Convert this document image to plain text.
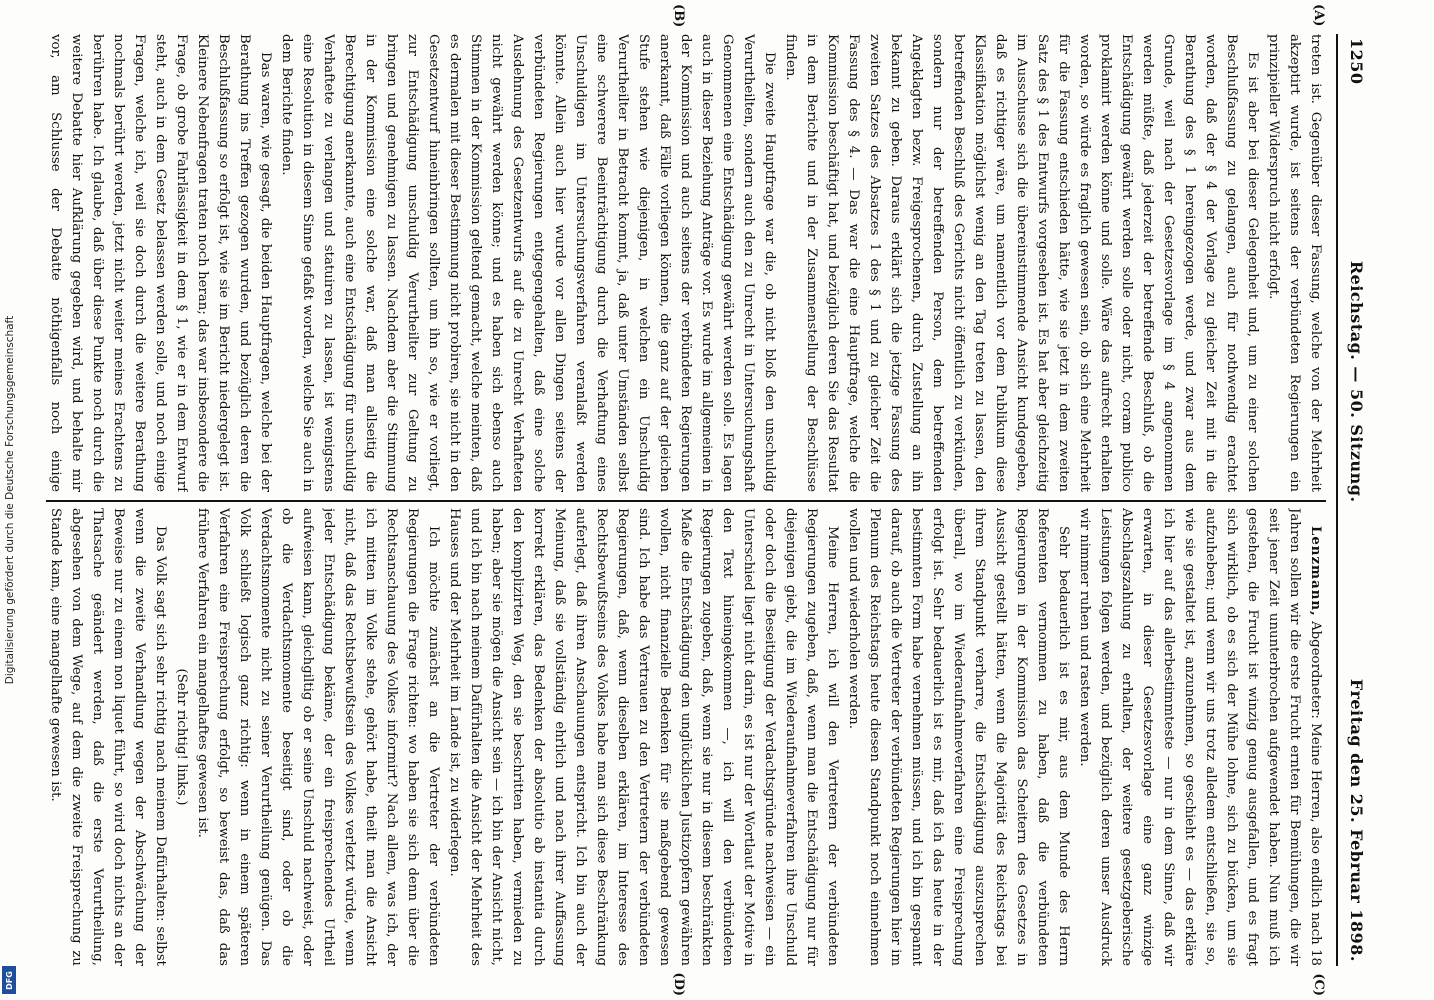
Digitalisierung gefördert durch die Deutsche Forschungsgemeinschaft
DFG
1250
Reichstag. — 50. Sitzung.
Freitag den 25. Februar 1898.

treten ist. Gegenüber dieser Fassung, welche von der Mehrheit akzeptirt wurde, ist seitens der verbündeten Regierungen ein prinzipieller Widerspruch nicht erfolgt.

Es ist aber bei dieser Gelegenheit und, um zu einer solchen Beschlußfassung zu gelangen, auch für nothwendig erachtet worden, daß der § 4 der Vorlage zu gleicher Zeit mit in die Berathung des § 1 hereingezogen werde, und zwar aus dem Grunde, weil nach der Gesetzesvorlage im § 4 angenommen werden müßte, daß jederzeit der betreffende Beschluß, ob die Entschädigung gewährt werden solle oder nicht, coram publico proklamirt werden könne und solle. Wäre das aufrecht erhalten worden, so würde es fraglich gewesen sein, ob sich eine Mehrheit für die Fassung entschieden hätte, wie sie jetzt in dem zweiten Satz des § 1 des Entwurfs vorgesehen ist. Es hat aber gleichzeitig im Ausschusse sich die übereinstimmende Ansicht kundgegeben, daß es richtiger wäre, um namentlich vor dem Publikum diese Klassifikation möglichst wenig an den Tag treten zu lassen, den betreffenden Beschluß des Gerichts nicht öffentlich zu verkünden, sondern nur der betreffenden Person, dem betreffenden Angeklagten bezw. Freigesprochenen, durch Zustellung an ihn bekannt zu geben. Daraus erklärt sich die jetzige Fassung des zweiten Satzes des Absatzes 1 des § 1 und zu gleicher Zeit die Fassung des § 4. — Das war die eine Hauptfrage, welche die Kommission beschäftigt hat, und bezüglich deren Sie das Resultat in dem Berichte und in der Zusammenstellung der Beschlüsse finden.

Die zweite Hauptfrage war die, ob nicht bloß den unschuldig Verurtheilten, sondern auch den zu Unrecht in Untersuchungshaft Genommenen eine Entschädigung gewährt werden solle. Es lagen auch in dieser Beziehung Anträge vor. Es wurde im allgemeinen in der Kommission und auch seitens der verbündeten Regierungen anerkannt, daß Fälle vorliegen können, die ganz auf der gleichen Stufe stehen wie diejenigen, in welchen ein Unschuldig Verurtheilter in Betracht kommt, ja, daß unter Umständen selbst eine schwerere Beeinträchtigung durch die Verhaftung eines Unschuldigen im Untersuchungsverfahren veranlaßt werden könnte. Allein auch hier wurde vor allen Dingen seitens der verbündeten Regierungen entgegengehalten, daß eine solche Ausdehnung des Gesetzentwurfs auf die zu Unrecht Verhafteten nicht gewährt werden könne; und es haben sich ebenso auch Stimmen in der Kommission geltend gemacht, welche meinten, daß es dermalen mit dieser Bestimmung nicht probiren, sie nicht in den Gesetzentwurf hineinbringen sollten, um ihn so, wie er vorliegt, zur Entschädigung unschuldig Verurtheilter zur Geltung zu bringen und genehmigen zu lassen. Nachdem aber die Stimmung in der Kommission eine solche war, daß man allseitig die Berechtigung anerkannte, auch eine Entschädigung für unschuldig Verhaftete zu verlangen und statuiren zu lassen, ist wenigstens eine Resolution in diesem Sinne gefaßt worden, welche Sie auch in dem Berichte finden.

Das waren, wie gesagt, die beiden Hauptfragen, welche bei der Berathung ins Treffen gezogen wurden, und bezüglich deren die Beschlußfassung so erfolgt ist, wie sie im Bericht niedergelegt ist. Kleinere Nebenfragen traten noch heran; das war insbesondere die Frage, ob grobe Fahrlässigkeit in dem § 1, wie er in dem Entwurf steht, auch in dem Gesetz belassen werden solle, und noch einige Fragen, welche ich, weil sie doch durch die weitere Berathung nochmals berührt werden, jetzt nicht weiter meines Erachtens zu berühren habe. Ich glaube, daß über diese Punkte noch durch die weitere Debatte hier Aufklärung gegeben wird, und behalte mir vor, am Schlusse der Debatte nöthigenfalls noch einige

Lenzmann, Abgeordneter: Meine Herren, also endlich nach 18 Jahren sollen wir die erste Frucht ernten für Bemühungen, die wir seit jener Zeit ununterbrochen aufgewendet haben. Nun muß ich gestehen, die Frucht ist winzig genug ausgefallen, und es fragt sich wirklich, ob es sich der Mühe lohne, sich zu bücken, um sie aufzuheben; und wenn wir uns trotz alledem entschließen, sie so, wie sie gestaltet ist, anzunehmen, so geschieht es — das erkläre ich hier auf das allerbestimmteste — nur in dem Sinne, daß wir erwarten, in dieser Gesetzesvorlage eine ganz winzige Abschlagszahlung zu erhalten, der weitere gesetzgeberische Leistungen folgen werden, und bezüglich deren unser Ausdruck wir nimmer ruhen und rasten werden.

Sehr bedauerlich ist es mir, aus dem Munde des Herrn Referenten vernommen zu haben, daß die verbündeten Regierungen in der Kommission das Scheitern des Gesetzes in Aussicht gestellt hätten, wenn die Majorität des Reichstags bei ihrem Standpunkt verharre, die Entschädigung auszusprechen überall, wo im Wiederaufnahmeverfahren eine Freisprechung erfolgt ist. Sehr bedauerlich ist es mir, daß ich das heute in der bestimmten Form habe vernehmen müssen, und ich bin gespannt darauf, ob auch die Vertreter der verbündeten Regierungen hier im Plenum des Reichstags heute diesen Standpunkt noch einnehmen wollen und wiederholen werden.

Meine Herren, ich will den Vertretern der verbündeten Regierungen zugeben, daß, wenn man die Entschädigung nur für diejenigen giebt, die im Wiederaufnahmeverfahren ihre Unschuld oder doch die Beseitigung der Verdachtsgründe nachweisen — ein Unterschied liegt nicht darin, es ist nur der Wortlaut der Motive in den Text hineingekommen —, ich will den verbündeten Regierungen zugeben, daß, wenn sie nur in diesem beschränkten Maße die Entschädigung den unglücklichen Justizopfern gewähren wollen, nicht finanzielle Bedenken für sie maßgebend gewesen sind. Ich habe das Vertrauen zu den Vertretern der verbündeten Regierungen, daß, wenn dieselben erklären, im Interesse des Rechtsbewußtseins des Volkes habe man sich diese Beschränkung auferlegt, daß ihren Anschauungen entspricht. Ich bin auch der Meinung, daß sie vollständig ehrlich und nach ihrer Auffassung korrekt erklären, das Bedenken der absolutio ab instantia durch den komplizirten Weg, den sie beschritten haben, vermieden zu haben; aber sie mögen die Ansicht sein — ich bin der Ansicht nicht, und ich bin nach meinem Dafürhalten die Ansicht der Mehrheit des Hauses und der Mehrheit im Lande ist, zu widerlegen.

Ich möchte zunächst an die Vertreter der verbündeten Regierungen die Frage richten: wo haben sie sich denn über die Rechtsanschauung des Volkes informirt? Nach allem, was ich, der ich mitten im Volke stehe, gehört habe, theilt man die Ansicht nicht, daß das Rechtsbewußtsein des Volkes verletzt würde, wenn jeder Entschädigung bekäme, der ein freisprechendes Urtheil aufweisen kann, gleichgiltig ob er seine Unschuld nachweist, oder ob die Verdachtsmomente beseitigt sind, oder ob die Verdachtsmomente nicht zu seiner Verurtheilung genügen. Das Volk schließt logisch ganz richtig: wenn in einem späteren Verfahren eine Freisprechung erfolgt, so beweist das, daß das frühere Verfahren ein mangelhaftes gewesen ist.

(Sehr richtig! links.)

Das Volk sagt sich sehr richtig nach meinem Dafürhalten: selbst wenn die zweite Verhandlung wegen der Abschwächung der Beweise nur zu einem non liquet führt, so wird doch nichts an der Thatsache geändert werden, daß die erste Verurtheilung, abgesehen von dem Wege, auf dem die zweite Freisprechung zu Stande kam, eine mangelhafte gewesen ist.

(A)
(B)
(C)
(D)
